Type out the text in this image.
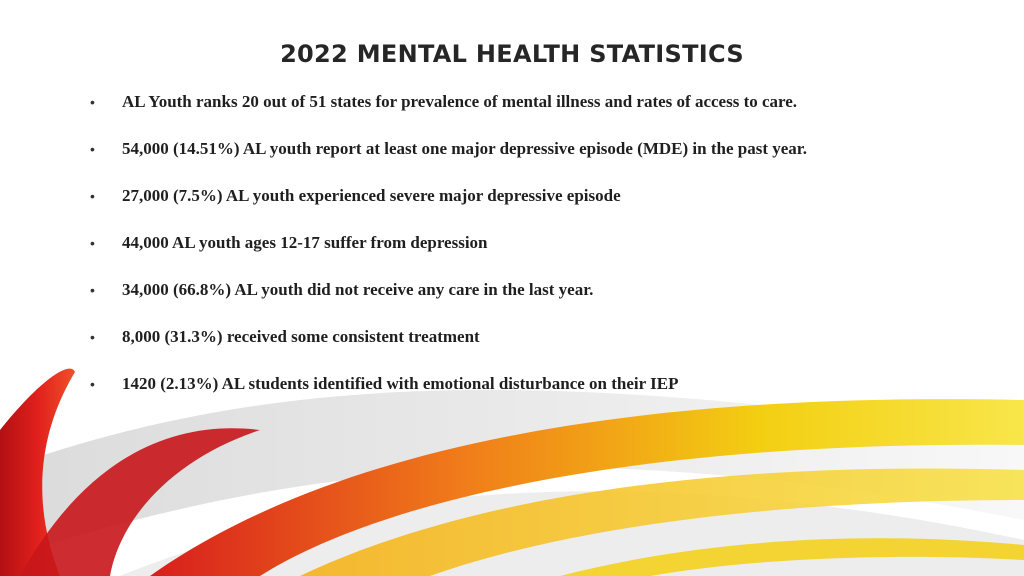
2022 MENTAL HEALTH STATISTICS
•	AL Youth ranks 20 out of 51 states for prevalence of mental illness and rates of access to care.
•	54,000 (14.51%) AL youth report at least one major depressive episode (MDE) in the past year.
•	27,000 (7.5%) AL youth experienced severe major depressive episode
•	44,000 AL youth ages 12-17 suffer from depression
•	34,000 (66.8%) AL youth did not receive any care in the last year.
•	8,000 (31.3%) received some consistent treatment
•	1420 (2.13%) AL students identified with emotional disturbance on their IEP
